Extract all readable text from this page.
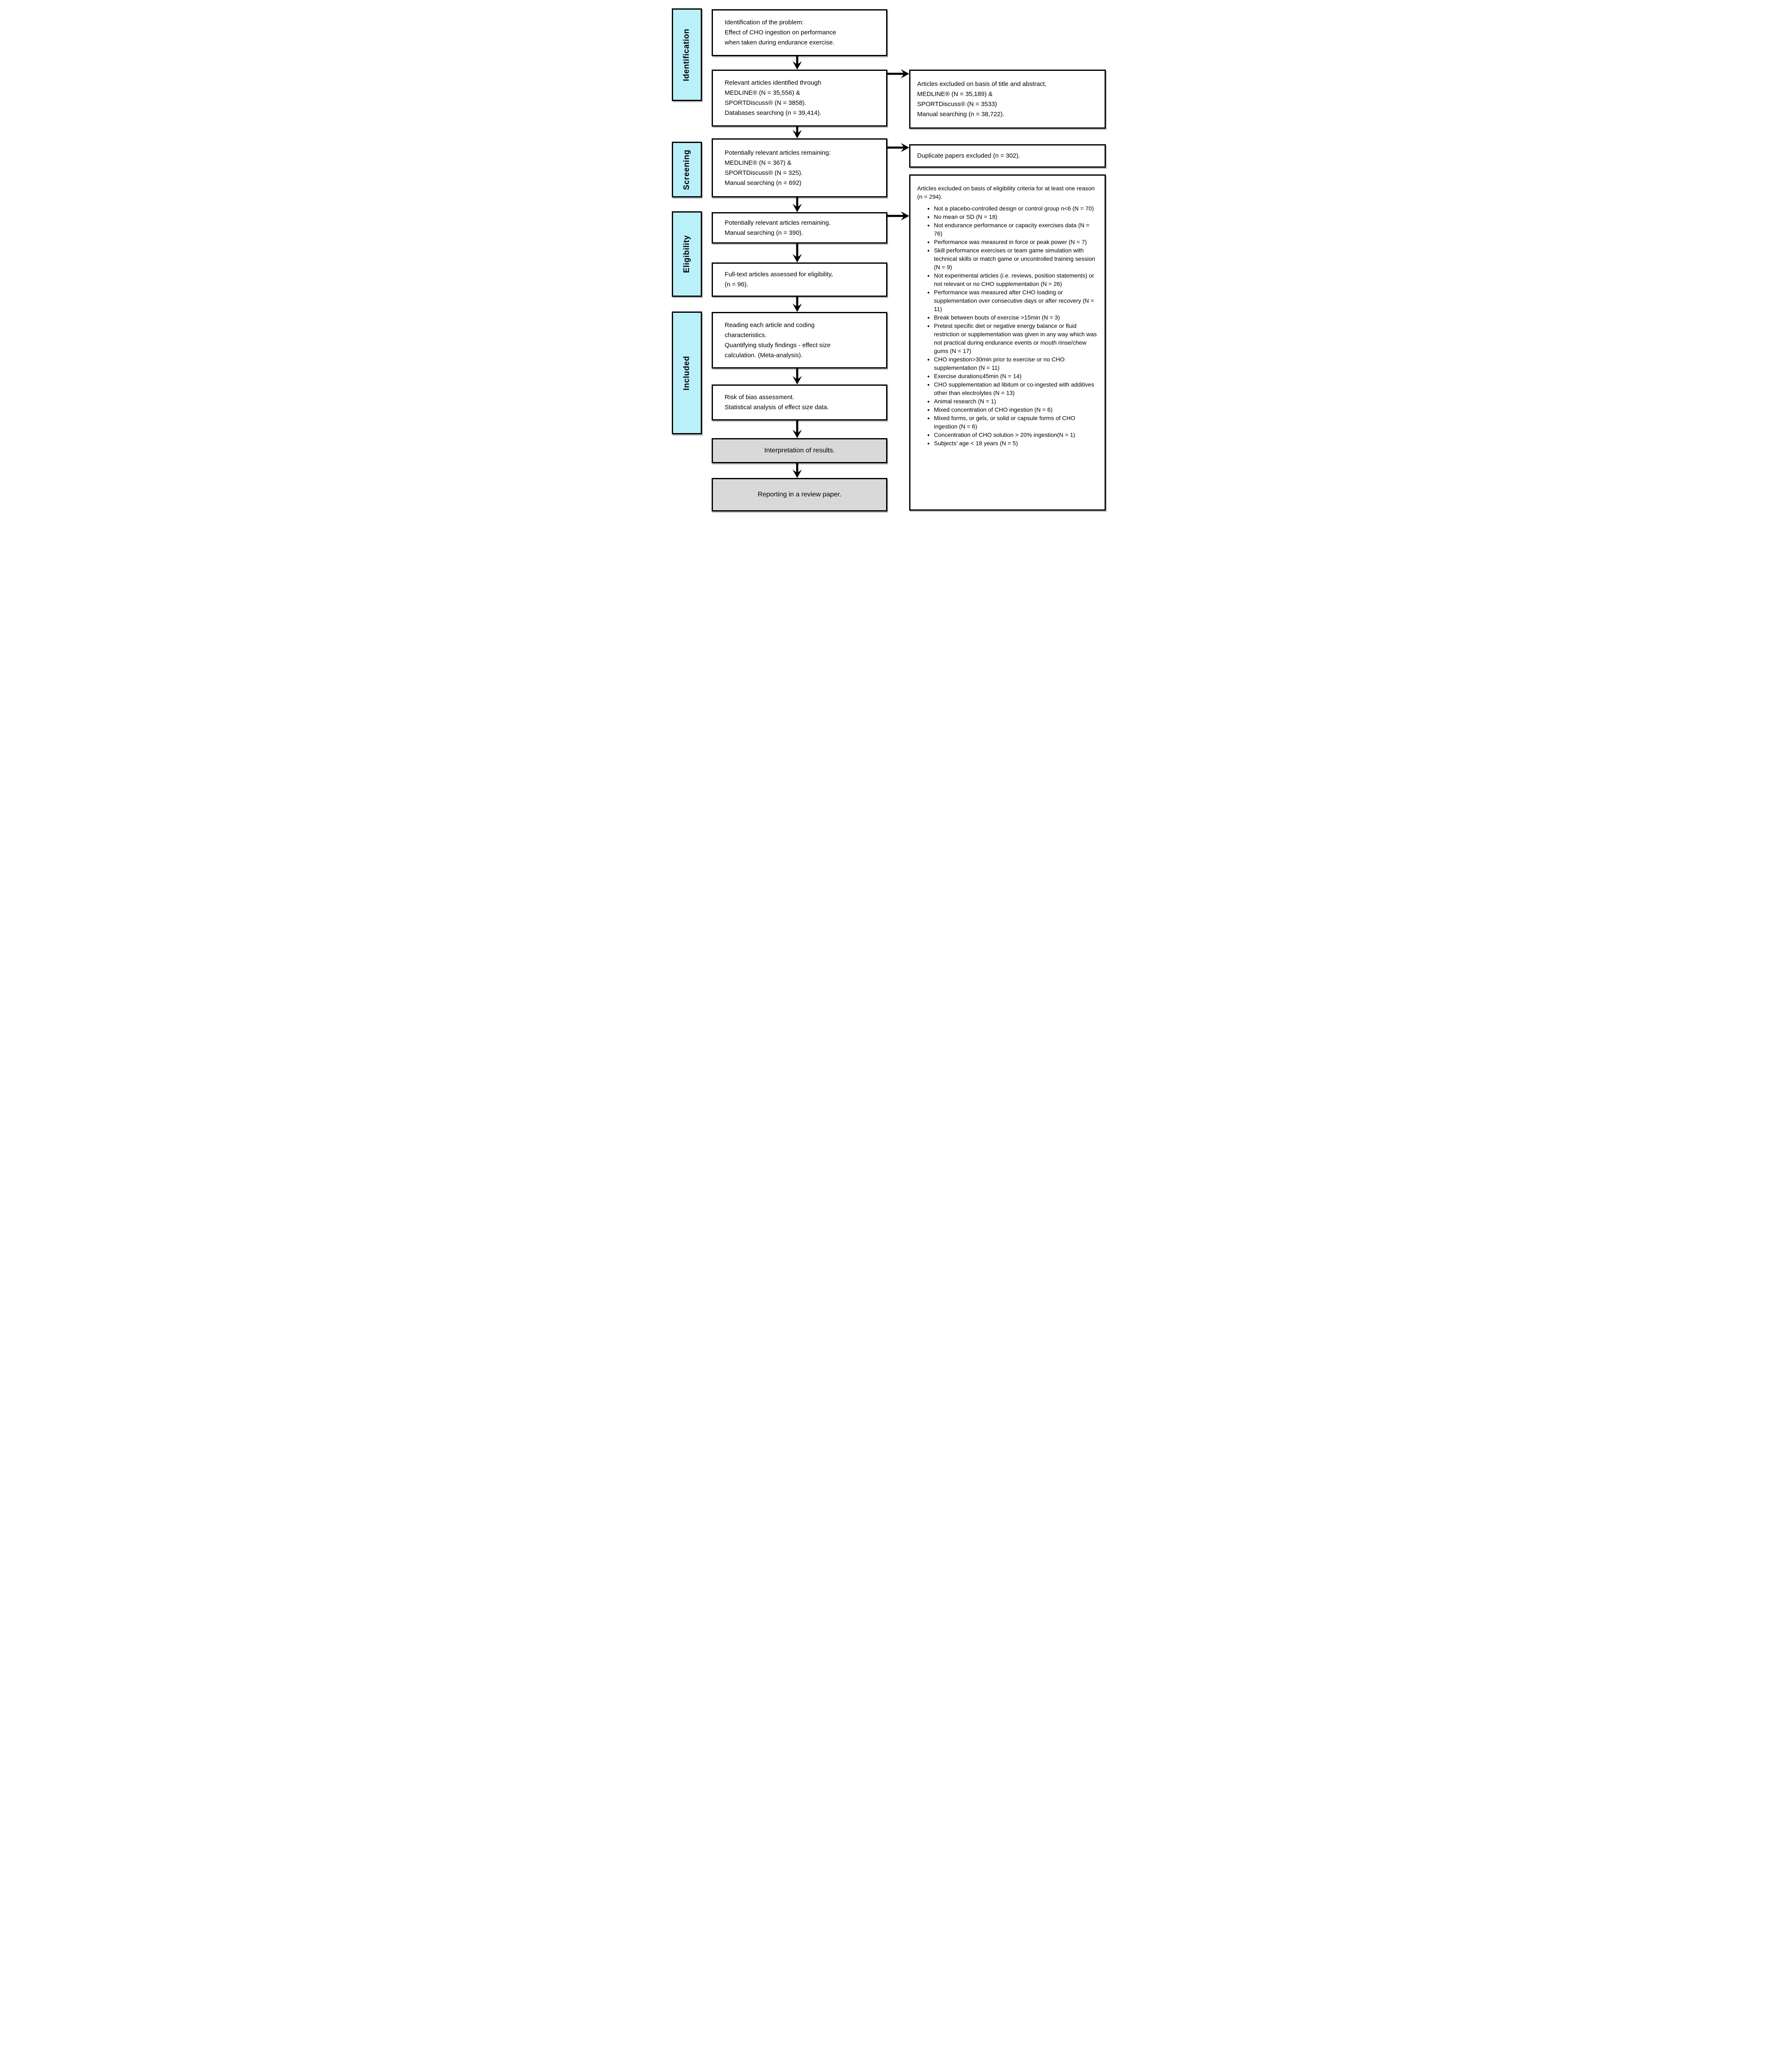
Identification
Screening
Eligibility
Included
Identification of the problem:
Effect of CHO ingestion on performance
when taken during endurance exercise.
Relevant articles identified through
MEDLINE® (N = 35,556) &
SPORTDiscuss® (N = 3858).
Databases searching (n = 39,414).
Potentially relevant articles remaining:
MEDLINE® (N = 367) &
SPORTDiscuss® (N = 325).
Manual searching (n = 692)
Potentially relevant articles remaining.
Manual searching (n = 390).
Full-text articles assessed for eligibility,
(n = 96).
Reading each article and coding
characteristics.
Quantifying study findings - effect size
calculation. (Meta-analysis).
Risk of bias assessment.
Statistical analysis of effect size data.
Interpretation of results.
Reporting in a review paper.
Articles excluded on basis of title and abstract,
MEDLINE® (N = 35,189) &
SPORTDiscuss® (N = 3533)
Manual searching (n = 38,722).
Duplicate papers excluded (n = 302).

Articles excluded on basis of eligibility criteria for at least one reason (n = 294).

• Not a placebo-controlled design or control group n<6 (N = 70)
• No mean or SD (N = 18)
• Not endurance performance or capacity exercises data (N = 76)
• Performance was measured in force or peak power (N = 7)
• Skill performance exercises or team game simulation with technical skills or match game or uncontrolled training session (N = 9)
• Not experimental articles (i.e. reviews, position statements) or not relevant or no CHO supplementation (N = 26)
• Performance was measured after CHO loading or supplementation over consecutive days or after recovery (N = 11)
• Break between bouts of exercise >15min (N = 3)
• Pretest specific diet or negative energy balance or fluid restriction or supplementation was given in any way which was not practical during endurance events or mouth rinse/chew gums (N = 17)
• CHO ingestion>30min prior to exercise or no CHO supplementation (N = 11)
• Exercise duration≤45min (N = 14)
• CHO supplementation ad libitum or co-ingested with additives other than electrolytes (N = 13)
• Animal research (N = 1)
• Mixed concentration of CHO ingestion (N = 6)
• Mixed forms, or gels, or solid or capsule forms of CHO ingestion (N = 6)
• Concentration of CHO solution > 20% ingestion(N = 1)
• Subjects’ age < 18 years (N = 5)
